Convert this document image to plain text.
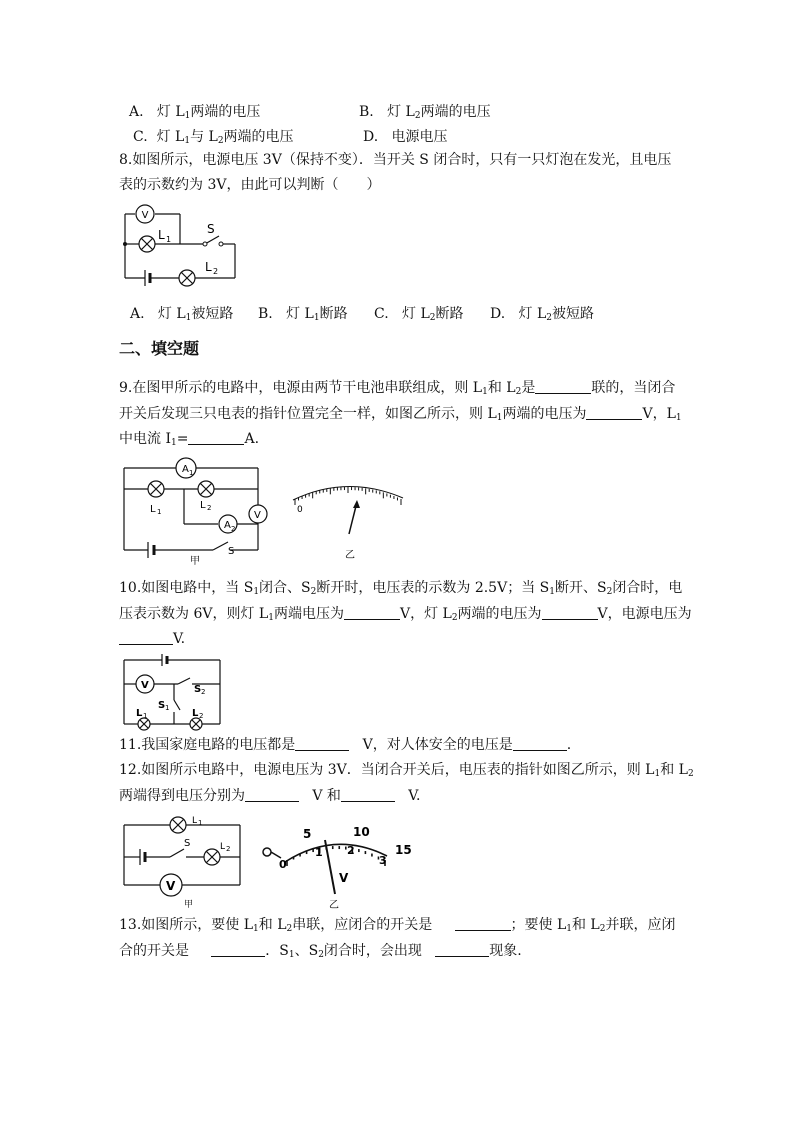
A. 灯 $L_1$两端的电压	B. 灯 $L_2$两端的电压
C. 灯 $L_1$与 $L_2$两端的电压	D. 电源电压
8.如图所示，电源电压 3V（保持不变）．当开关 S 闭合时，只有一只灯泡在发光，且电压
表的示数约为 3V，由此可以判断（　　）
V
L 1
S
L 2
A. 灯 $L_1$被短路 B. 灯 $L_1$断路 C. 灯 $L_2$断路 D. 灯 $L_2$被短路
二、填空题
9.在图甲所示的电路中，电源由两节干电池串联组成，则 $L_1$和 $L_2$是	联的，当闭合
开关后发现三只电表的指针位置完全一样，如图乙所示，则 $L_1$两端的电压为	V，$L_1$
中电流 $I_1=$	A.
A 1
A 2
V
L 1
L 2
S
甲
0
乙
10.如图电路中，当 $S_1$闭合、$S_2$断开时，电压表的示数为 2.5V；当 $S_1$断开、$S_2$闭合时，电
压表示数为 6V，则灯 $L_1$两端电压为	V，灯 $L_2$两端的电压为	V，电源电压为
V.
V	S 2
S 1
L 1	L 2
11.我国家庭电路的电压都是	V，对人体安全的电压是	.
12.如图所示电路中，电源电压为 3V．当闭合开关后，电压表的指针如图乙所示，则 $L_1$和 $L_2$
两端得到电压分别为	V 和	V.
L 1
L 2
S
V
甲
5	10
15
0
1 2
3
V
乙
13.如图所示，要使 $L_1$和 $L_2$串联，应闭合的开关是	；要使 $L_1$和 $L_2$并联，应闭
合的开关是	．$S_1$、$S_2$闭合时，会出现	现象.
